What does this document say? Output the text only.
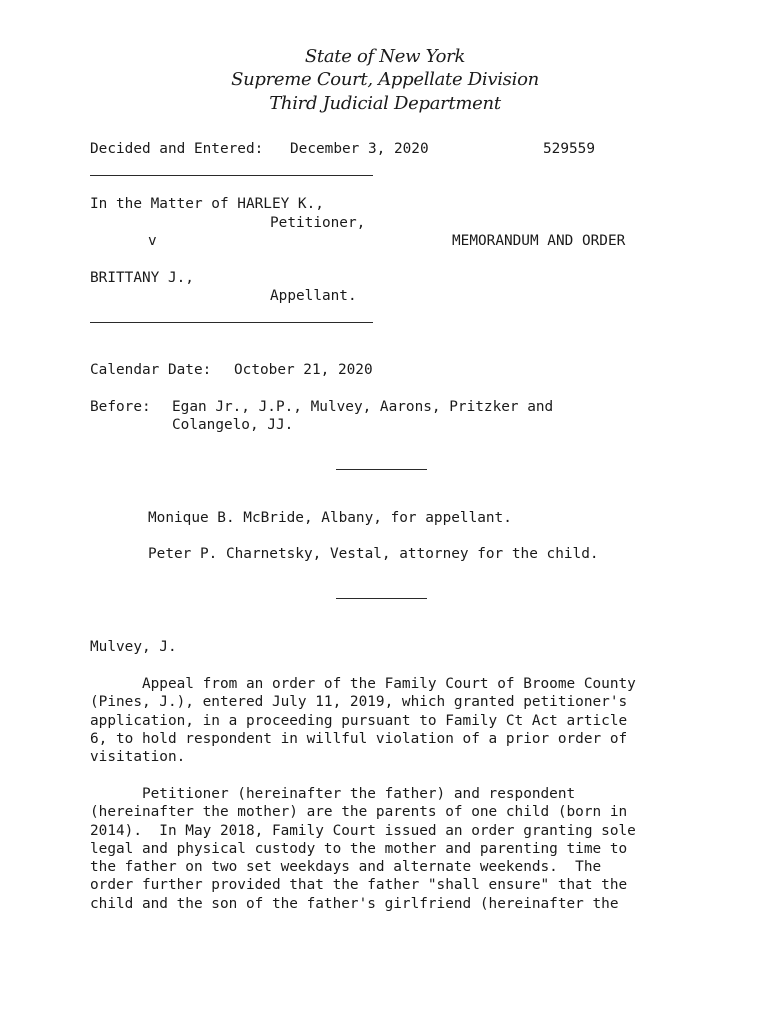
State of New York
Supreme Court, Appellate Division
Third Judicial Department
Decided and Entered: December 3, 2020	529559
In the Matter of HARLEY K.,
Petitioner,
v	MEMORANDUM AND ORDER
BRITTANY J.,
Appellant.
Calendar Date: October 21, 2020
Before: Egan Jr., J.P., Mulvey, Aarons, Pritzker and
Colangelo, JJ.
Monique B. McBride, Albany, for appellant.
Peter P. Charnetsky, Vestal, attorney for the child.
Mulvey, J.
Appeal from an order of the Family Court of Broome County
(Pines, J.), entered July 11, 2019, which granted petitioner's
application, in a proceeding pursuant to Family Ct Act article
6, to hold respondent in willful violation of a prior order of
visitation.
Petitioner (hereinafter the father) and respondent
(hereinafter the mother) are the parents of one child (born in
2014).  In May 2018, Family Court issued an order granting sole
legal and physical custody to the mother and parenting time to
the father on two set weekdays and alternate weekends.  The
order further provided that the father "shall ensure" that the
child and the son of the father's girlfriend (hereinafter the
